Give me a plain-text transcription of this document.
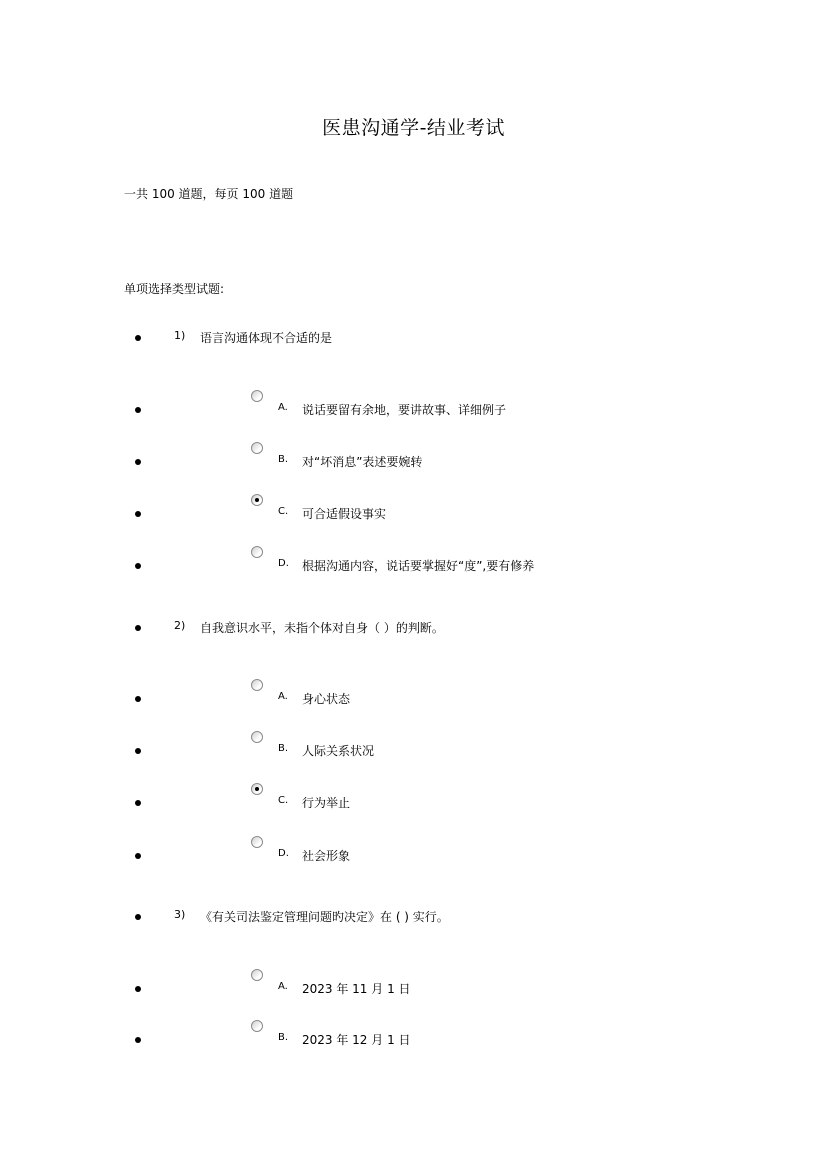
医患沟通学-结业考试
一共 100 道题，每页 100 道题
单项选择类型试题:
1) 语言沟通体现不合适的是
A. 说话要留有余地，要讲故事、详细例子
B. 对“坏消息”表述要婉转
C. 可合适假设事实
D. 根据沟通内容，说话要掌握好“度”,要有修养
2) 自我意识水平，未指个体对自身（ ）的判断。
A. 身心状态
B. 人际关系状况
C. 行为举止
D. 社会形象
3) 《有关司法鉴定管理问题旳决定》在 ( ) 实行。
A. 2023 年 11 月 1 日
B. 2023 年 12 月 1 日
